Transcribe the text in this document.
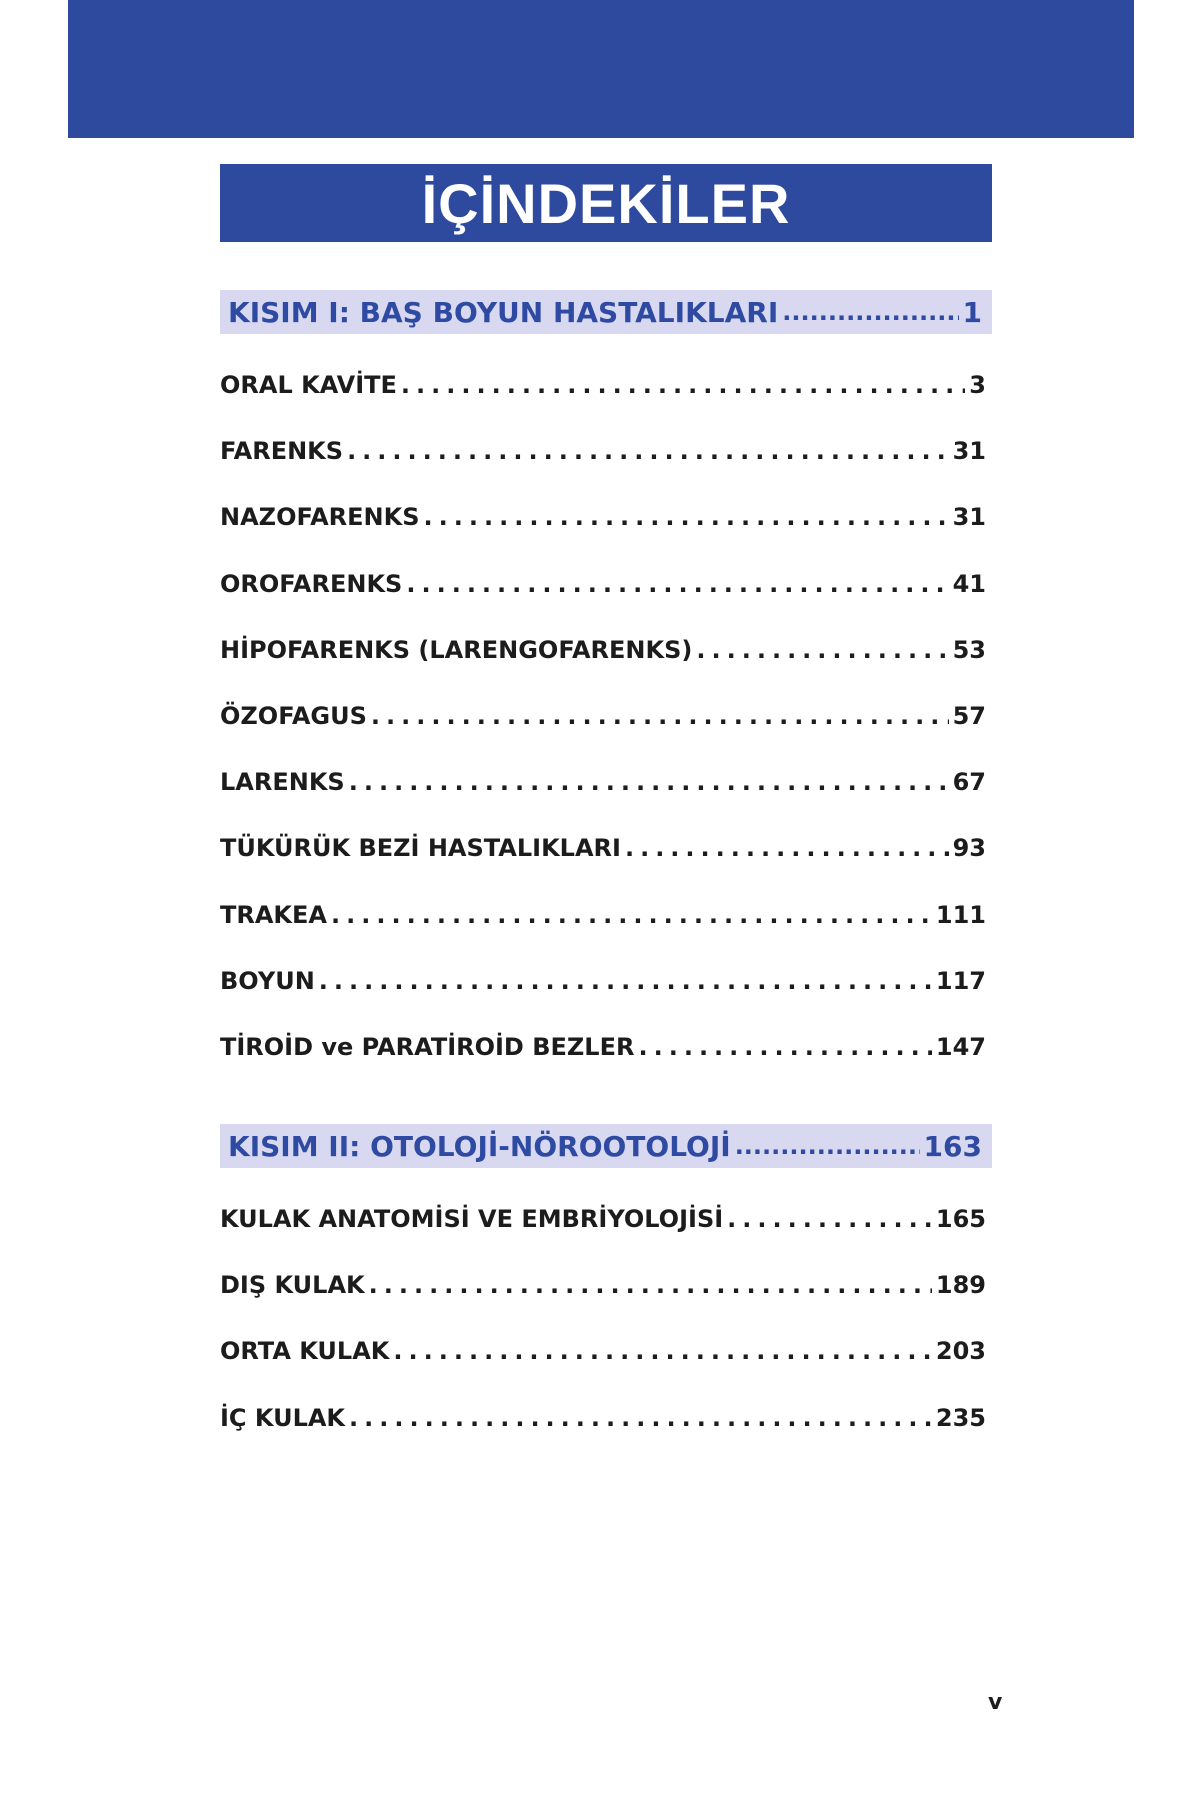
İÇİNDEKİLER
KISIM I: BAŞ BOYUN HASTALIKLARI .....	1
ORAL KAVİTE .....	3
FARENKS .....	31
NAZOFARENKS .....	31
OROFARENKS .....	41
HİPOFARENKS (LARENGOFARENKS) .....	53
ÖZOFAGUS .....	57
LARENKS .....	67
TÜKÜRÜK BEZİ HASTALIKLARI .....	93
TRAKEA .....	111
BOYUN .....	117
TİROİD ve PARATİROİD BEZLER .....	147
KISIM II: OTOLOJİ-NÖROOTOLOJİ .....	163
KULAK ANATOMİSİ VE EMBRİYOLOJİSİ .....	165
DIŞ KULAK .....	189
ORTA KULAK .....	203
İÇ KULAK .....	235
v
